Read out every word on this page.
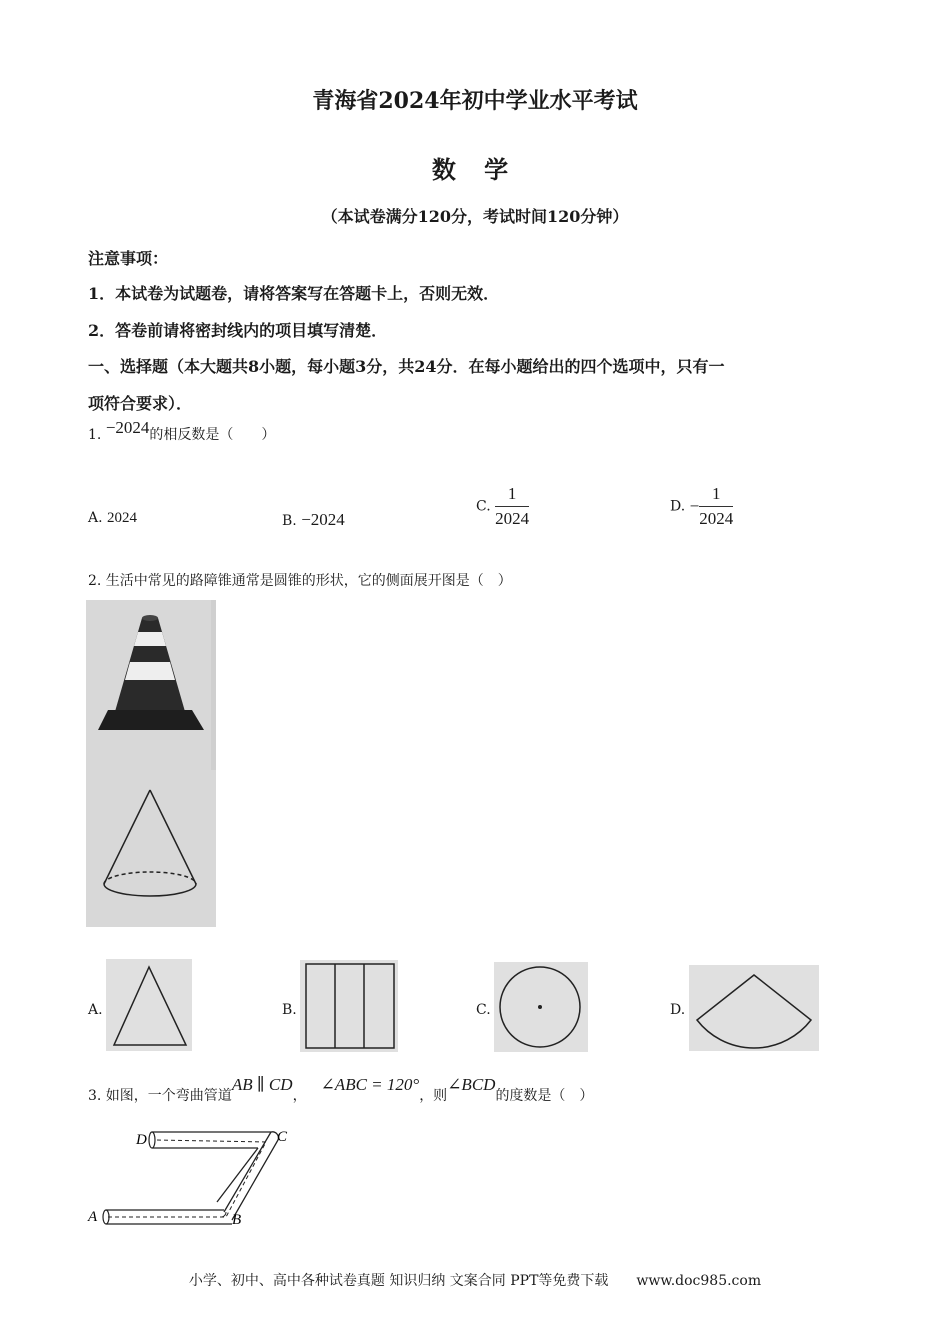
青海省2024年初中学业水平考试
数 学
（本试卷满分120分，考试时间120分钟）
注意事项：
1．本试卷为试题卷，请将答案写在答题卡上，否则无效．
2．答卷前请将密封线内的项目填写清楚．
一、选择题（本大题共8小题，每小题3分，共24分．在每小题给出的四个选项中，只有一
项符合要求）．
1. −2024的相反数是（　　）
A. 2024	B. −2024
C. $\frac{1}{2024}$	D. − $\frac{1}{2024}$
2. 生活中常见的路障锥通常是圆锥的形状，它的侧面展开图是（　）
A.	B.	C.	D.
3. 如图，一个弯曲管道AB ∥ CD，∠ABC = 120°，则∠BCD的度数是（　）
D	C
A	B
小学、初中、高中各种试卷真题 知识归纳 文案合同 PPT等免费下载　　www.doc985.com
